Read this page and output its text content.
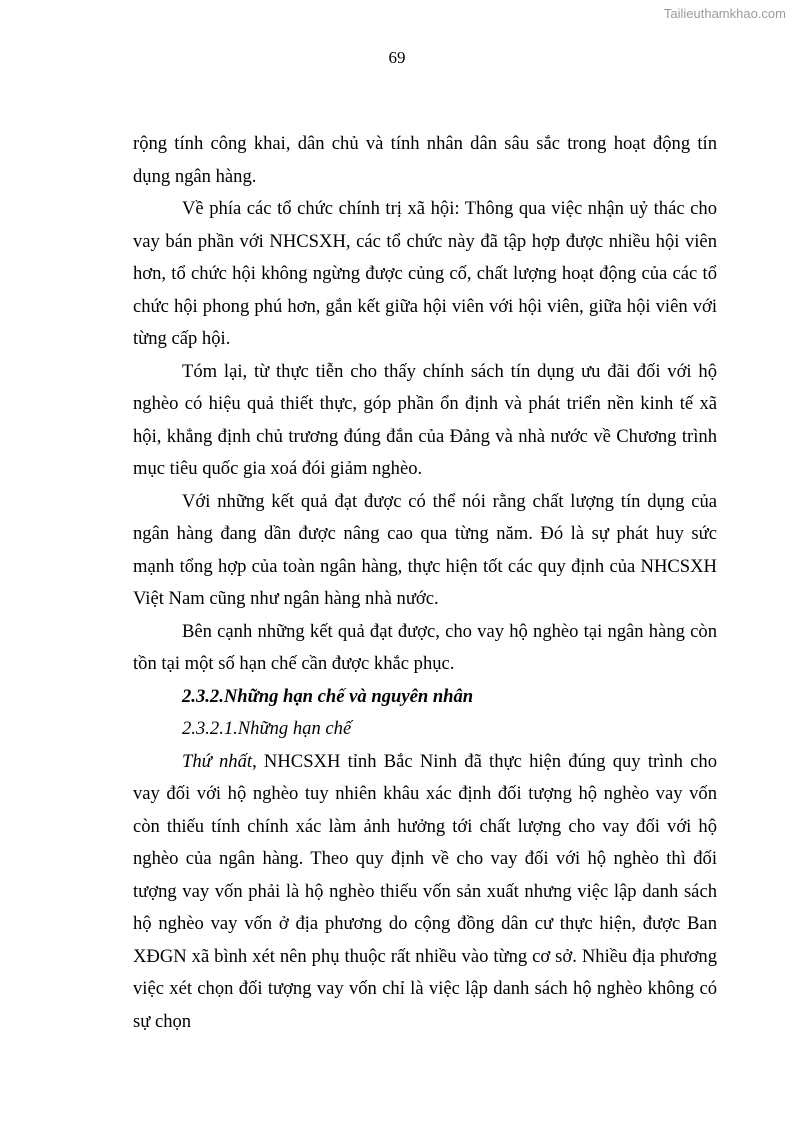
Tailieuthamkhao.com
69

rộng tính công khai, dân chủ và tính nhân dân sâu sắc trong hoạt động tín dụng ngân hàng.

Về phía các tổ chức chính trị xã hội: Thông qua việc nhận uỷ thác cho vay bán phần với NHCSXH, các tổ chức này đã tập hợp được nhiều hội viên hơn, tổ chức hội không ngừng được củng cố, chất lượng hoạt động của các tổ chức hội phong phú hơn, gắn kết giữa hội viên với hội viên, giữa hội viên với từng cấp hội.

Tóm lại, từ thực tiễn cho thấy chính sách tín dụng ưu đãi đối với hộ nghèo có hiệu quả thiết thực, góp phần ổn định và phát triển nền kinh tế xã hội, khẳng định chủ trương đúng đắn của Đảng và nhà nước về Chương trình mục tiêu quốc gia xoá đói giảm nghèo.

Với những kết quả đạt được có thể nói rằng chất lượng tín dụng của ngân hàng đang dần được nâng cao qua từng năm. Đó là sự phát huy sức mạnh tổng hợp của toàn ngân hàng, thực hiện tốt các quy định của NHCSXH Việt Nam cũng như ngân hàng nhà nước.

Bên cạnh những kết quả đạt được, cho vay hộ nghèo tại ngân hàng còn tồn tại một số hạn chế cần được khắc phục.

2.3.2.Những hạn chế và nguyên nhân

2.3.2.1.Những hạn chế

Thứ nhất, NHCSXH tỉnh Bắc Ninh đã thực hiện đúng quy trình cho vay đối với hộ nghèo tuy nhiên khâu xác định đối tượng hộ nghèo vay vốn còn thiếu tính chính xác làm ảnh hưởng tới chất lượng cho vay đối với hộ nghèo của ngân hàng. Theo quy định về cho vay đối với hộ nghèo thì đối tượng vay vốn phải là hộ nghèo thiếu vốn sản xuất nhưng việc lập danh sách hộ nghèo vay vốn ở địa phương do cộng đồng dân cư thực hiện, được Ban XĐGN xã bình xét nên phụ thuộc rất nhiều vào từng cơ sở. Nhiều địa phương việc xét chọn đối tượng vay vốn chỉ là việc lập danh sách hộ nghèo không có sự chọn
